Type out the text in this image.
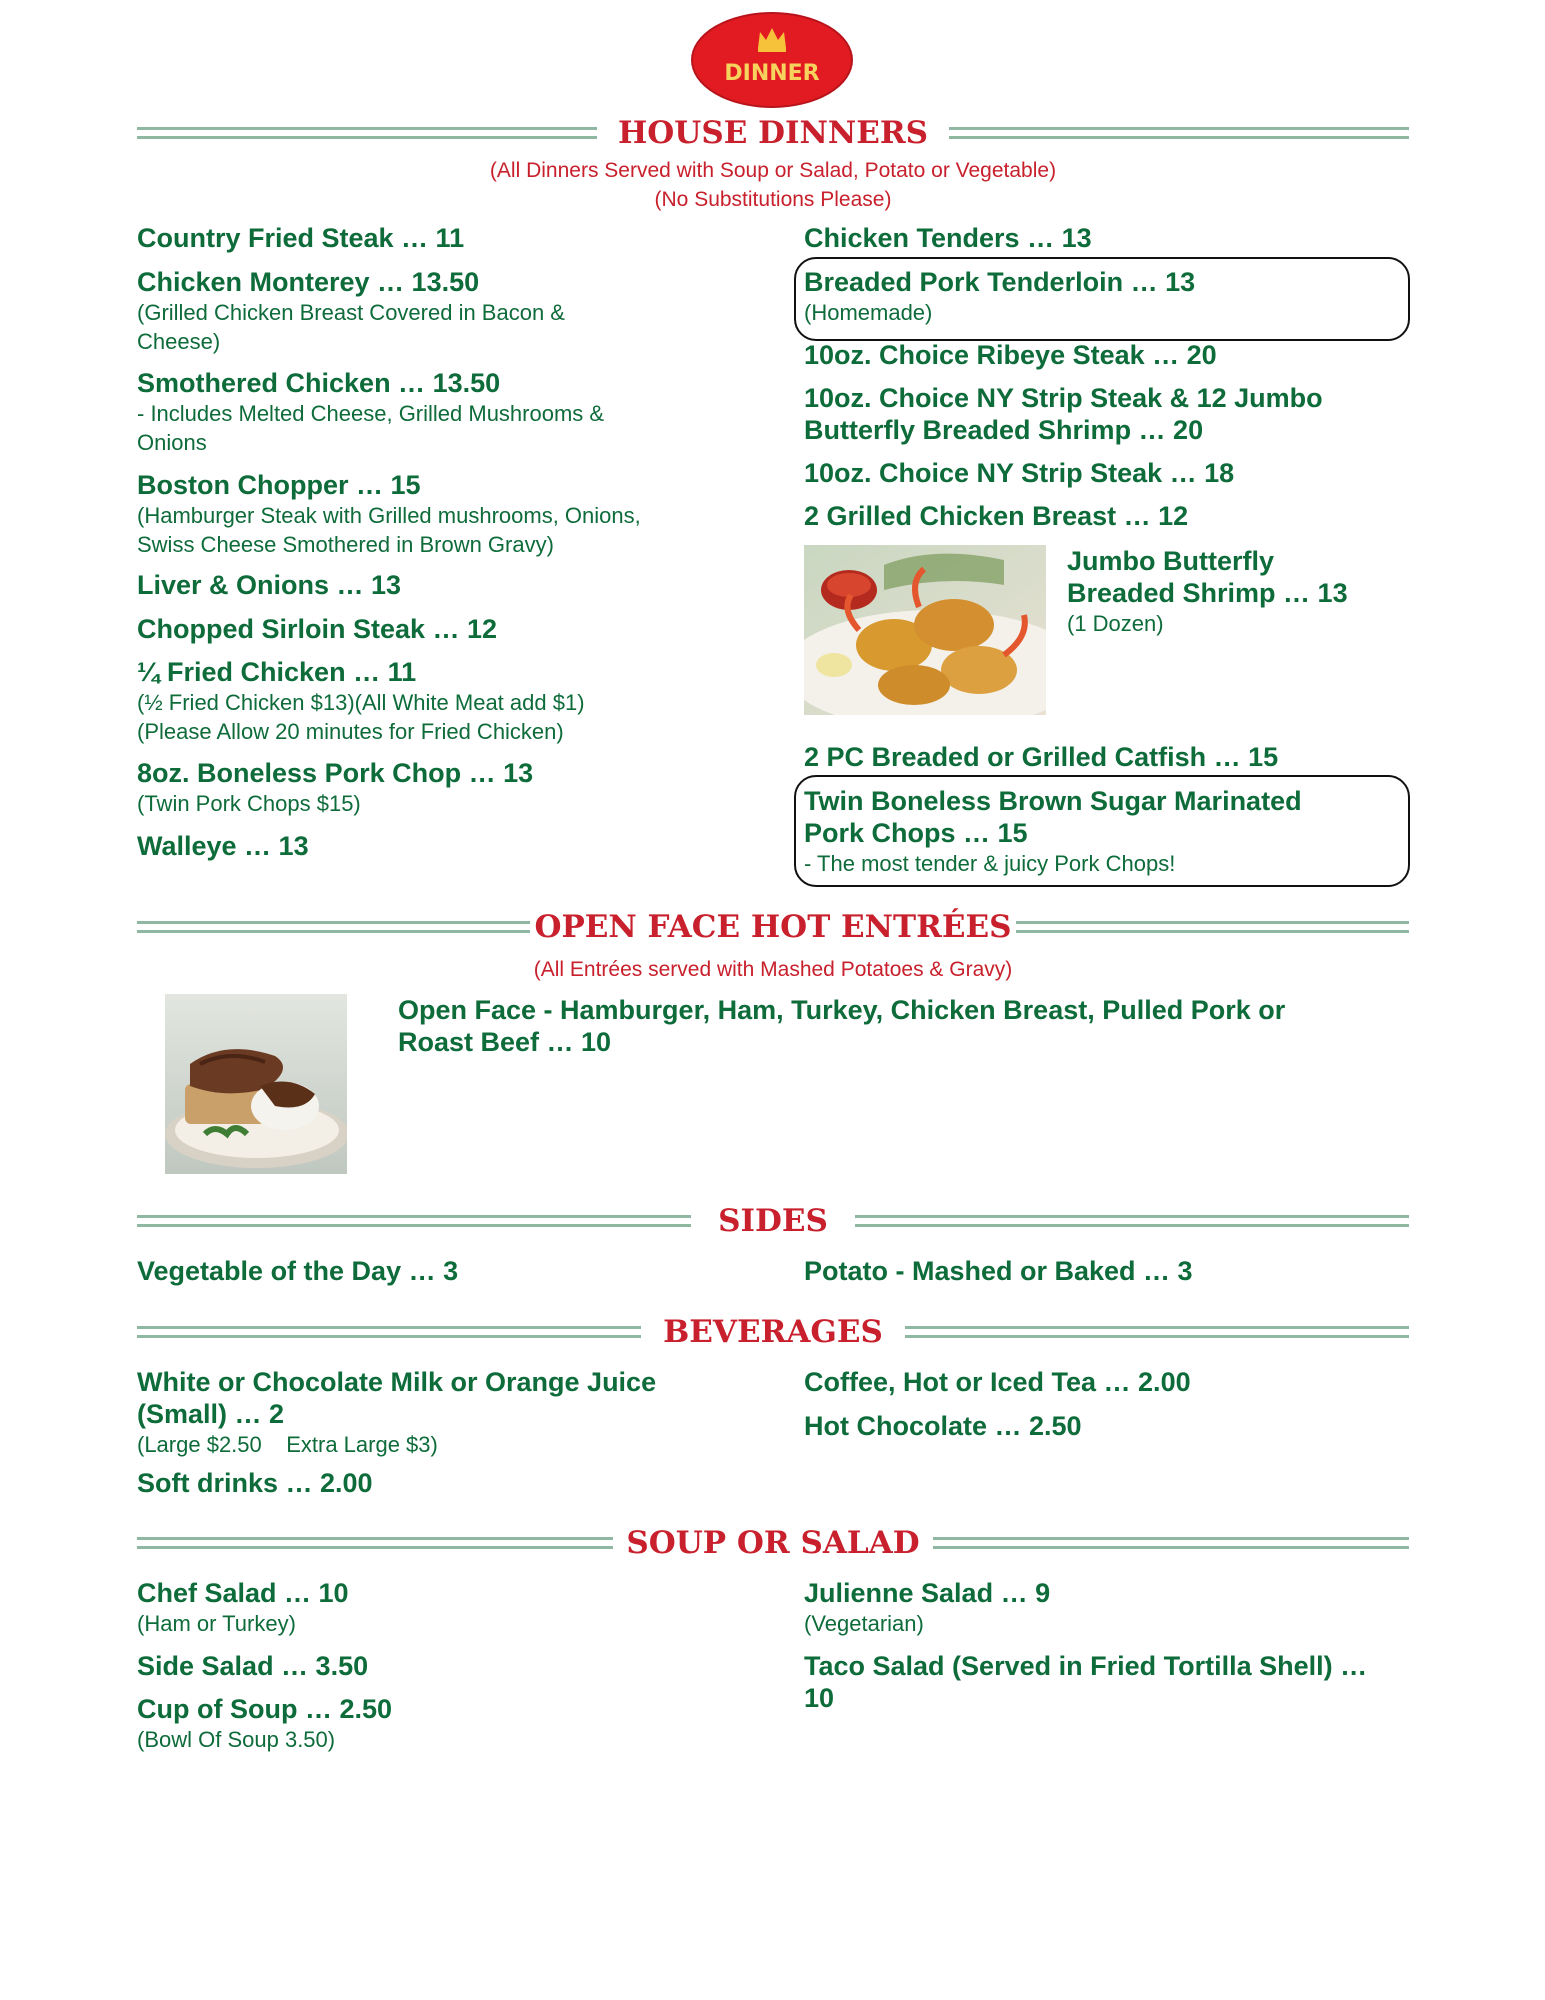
DINNER
HOUSE DINNERS
(All Dinners Served with Soup or Salad, Potato or Vegetable)
(No Substitutions Please)
Country Fried Steak … 11
Chicken Monterey … 13.50
(Grilled Chicken Breast Covered in Bacon &
Cheese)
Smothered Chicken … 13.50
- Includes Melted Cheese, Grilled Mushrooms &
Onions
Boston Chopper … 15
(Hamburger Steak with Grilled mushrooms, Onions,
Swiss Cheese Smothered in Brown Gravy)
Liver & Onions … 13
Chopped Sirloin Steak … 12
¼ Fried Chicken … 11
(½ Fried Chicken $13)(All White Meat add $1)
(Please Allow 20 minutes for Fried Chicken)
8oz. Boneless Pork Chop … 13
(Twin Pork Chops $15)
Walleye … 13
Chicken Tenders … 13
Breaded Pork Tenderloin … 13
(Homemade)
10oz. Choice Ribeye Steak … 20
10oz. Choice NY Strip Steak & 12 Jumbo
Butterfly Breaded Shrimp … 20
10oz. Choice NY Strip Steak … 18
2 Grilled Chicken Breast … 12
Jumbo Butterfly
Breaded Shrimp … 13
(1 Dozen)
2 PC Breaded or Grilled Catfish … 15
Twin Boneless Brown Sugar Marinated
Pork Chops … 15
- The most tender & juicy Pork Chops!
OPEN FACE HOT ENTRÉES
(All Entrées served with Mashed Potatoes & Gravy)
Open Face - Hamburger, Ham, Turkey, Chicken Breast, Pulled Pork or
Roast Beef … 10
SIDES
Vegetable of the Day … 3	Potato - Mashed or Baked … 3
BEVERAGES
White or Chocolate Milk or Orange Juice
(Small) … 2
(Large $2.50    Extra Large $3)
Soft drinks … 2.00
Coffee, Hot or Iced Tea … 2.00
Hot Chocolate … 2.50
SOUP OR SALAD
Chef Salad … 10
(Ham or Turkey)
Side Salad … 3.50
Cup of Soup … 2.50
(Bowl Of Soup 3.50)
Julienne Salad … 9
(Vegetarian)
Taco Salad (Served in Fried Tortilla Shell) …
10
